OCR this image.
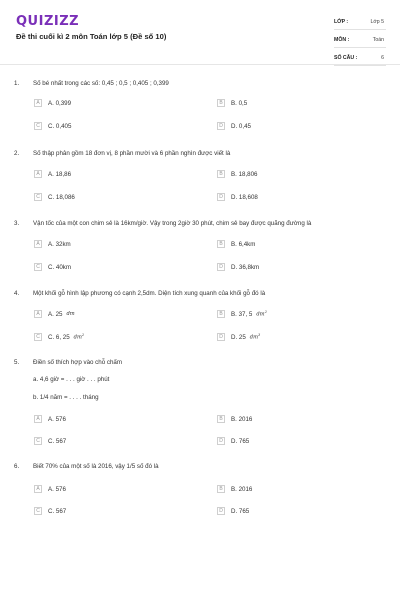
QUIZIZZ
Đề thi cuối kì 2 môn Toán lớp 5 (Đề số 10)
LỚP :	Lớp 5
MÔN :	Toán
SỐ CÂU :	6
1. Số bé nhất trong các số: 0,45 ; 0,5 ; 0,405 ; 0,399
A	A. 0,399	B	B. 0,5
C	C. 0,405	D	D. 0,45
2. Số thập phân gồm 18 đơn vị, 8 phần mười và 6 phần nghìn được viết là
A	A. 18,86	B	B. 18,806
C	C. 18,086	D	D. 18,608
3. Vận tốc của một con chim sẻ là 16km/giờ. Vậy trong 2giờ 30 phút, chim sẻ bay được quãng đường là
A	A. 32km	B	B. 6,4km
C	C. 40km	D	D. 36,8km
4. Một khối gỗ hình lập phương có cạnh 2,5dm. Diện tích xung quanh của khối gỗ đó là
A	A. 25 dm	B	B. 37, 5 $dm^2$
C	C. 6, 25 $dm^2$	D	D. 25 $dm^3$
5. Điền số thích hợp vào chỗ chấm
a. 4,6 giờ = . . . giờ . . . phút
b. 1/4 năm = . . . . tháng
A	A. 576	B	B. 2016
C	C. 567	D	D. 765
6. Biết 70% của một số là 2016, vậy 1/5 số đó là
A	A. 576	B	B. 2016
C	C. 567	D	D. 765
